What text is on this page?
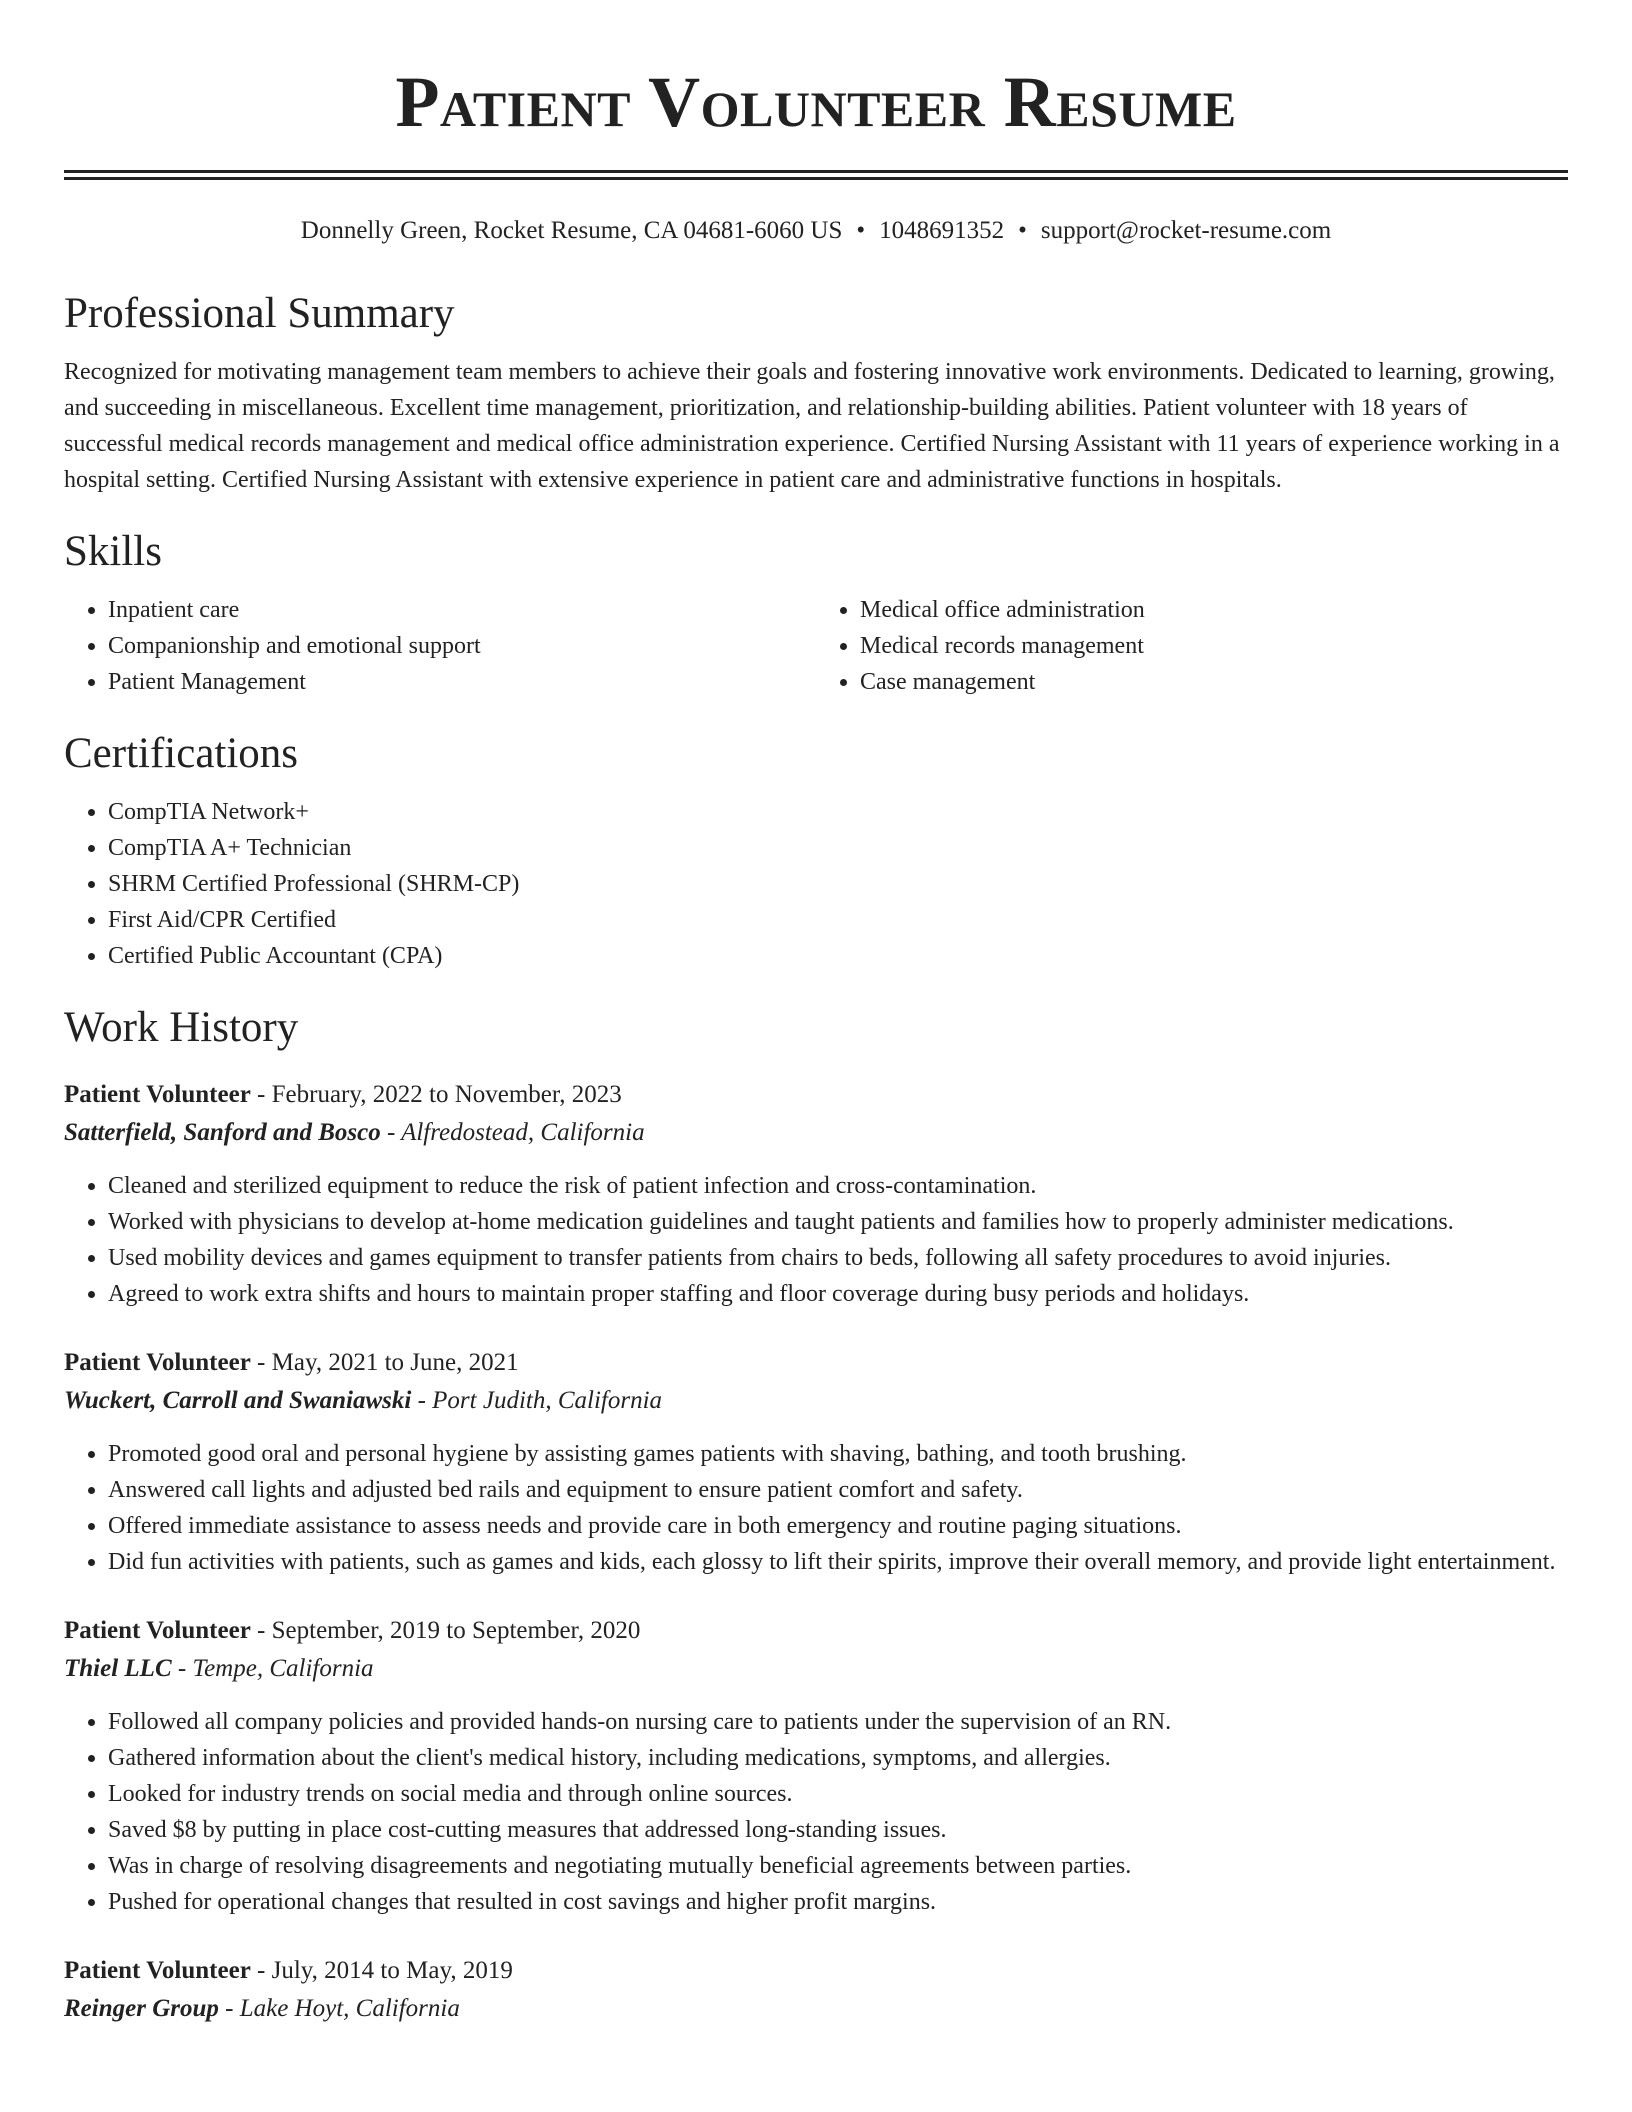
Patient Volunteer Resume
Donnelly Green, Rocket Resume, CA 04681-6060 US • 1048691352 • support@rocket-resume.com
Professional Summary
Recognized for motivating management team members to achieve their goals and fostering innovative work environments. Dedicated to learning, growing, and succeeding in miscellaneous. Excellent time management, prioritization, and relationship-building abilities. Patient volunteer with 18 years of successful medical records management and medical office administration experience. Certified Nursing Assistant with 11 years of experience working in a hospital setting. Certified Nursing Assistant with extensive experience in patient care and administrative functions in hospitals.
Skills
• Inpatient care
• Companionship and emotional support
• Patient Management
• Medical office administration
• Medical records management
• Case management
Certifications
• CompTIA Network+
• CompTIA A+ Technician
• SHRM Certified Professional (SHRM-CP)
• First Aid/CPR Certified
• Certified Public Accountant (CPA)
Work History
Patient Volunteer - February, 2022 to November, 2023
Satterfield, Sanford and Bosco - Alfredostead, California
• Cleaned and sterilized equipment to reduce the risk of patient infection and cross-contamination.
• Worked with physicians to develop at-home medication guidelines and taught patients and families how to properly administer medications.
• Used mobility devices and games equipment to transfer patients from chairs to beds, following all safety procedures to avoid injuries.
• Agreed to work extra shifts and hours to maintain proper staffing and floor coverage during busy periods and holidays.
Patient Volunteer - May, 2021 to June, 2021
Wuckert, Carroll and Swaniawski - Port Judith, California
• Promoted good oral and personal hygiene by assisting games patients with shaving, bathing, and tooth brushing.
• Answered call lights and adjusted bed rails and equipment to ensure patient comfort and safety.
• Offered immediate assistance to assess needs and provide care in both emergency and routine paging situations.
• Did fun activities with patients, such as games and kids, each glossy to lift their spirits, improve their overall memory, and provide light entertainment.
Patient Volunteer - September, 2019 to September, 2020
Thiel LLC - Tempe, California
• Followed all company policies and provided hands-on nursing care to patients under the supervision of an RN.
• Gathered information about the client's medical history, including medications, symptoms, and allergies.
• Looked for industry trends on social media and through online sources.
• Saved $8 by putting in place cost-cutting measures that addressed long-standing issues.
• Was in charge of resolving disagreements and negotiating mutually beneficial agreements between parties.
• Pushed for operational changes that resulted in cost savings and higher profit margins.
Patient Volunteer - July, 2014 to May, 2019
Reinger Group - Lake Hoyt, California
